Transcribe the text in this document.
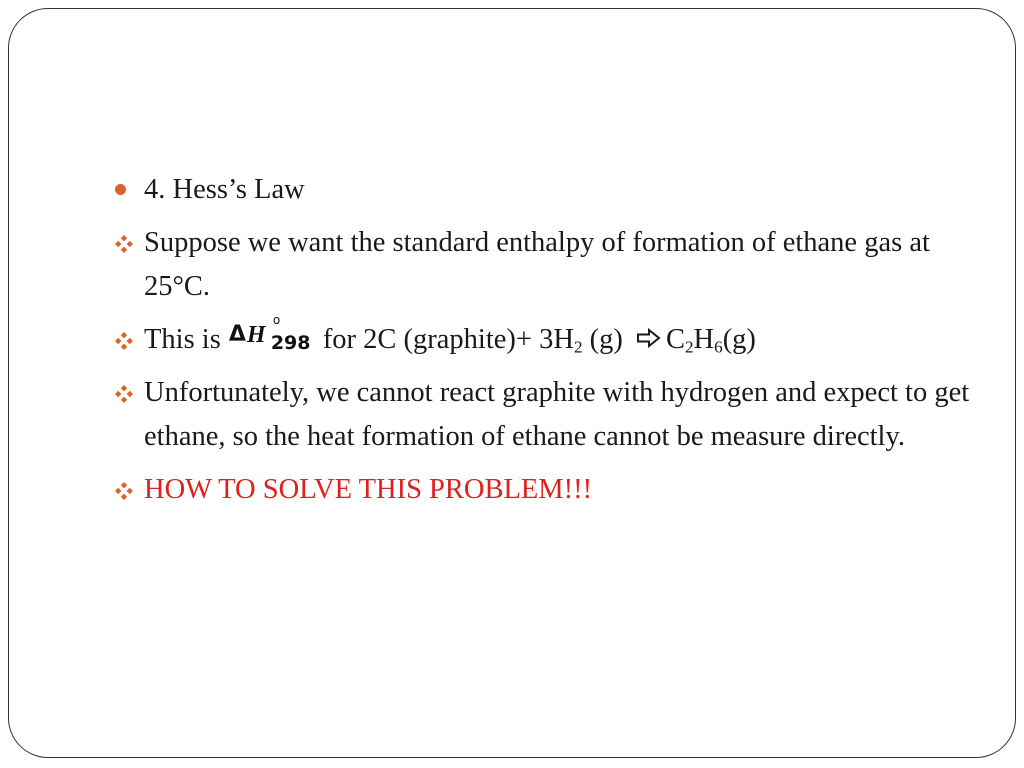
4. Hess’s Law
Suppose we want the standard enthalpy of formation of ethane gas at 25°C.
This is Δ H
o
298 for 2C (graphite)+ $3H_2$ (g) $C_2H_6(g)$
Unfortunately, we cannot react graphite with hydrogen and expect to get ethane, so the heat formation of ethane cannot be measure directly.
HOW TO SOLVE THIS PROBLEM!!!
